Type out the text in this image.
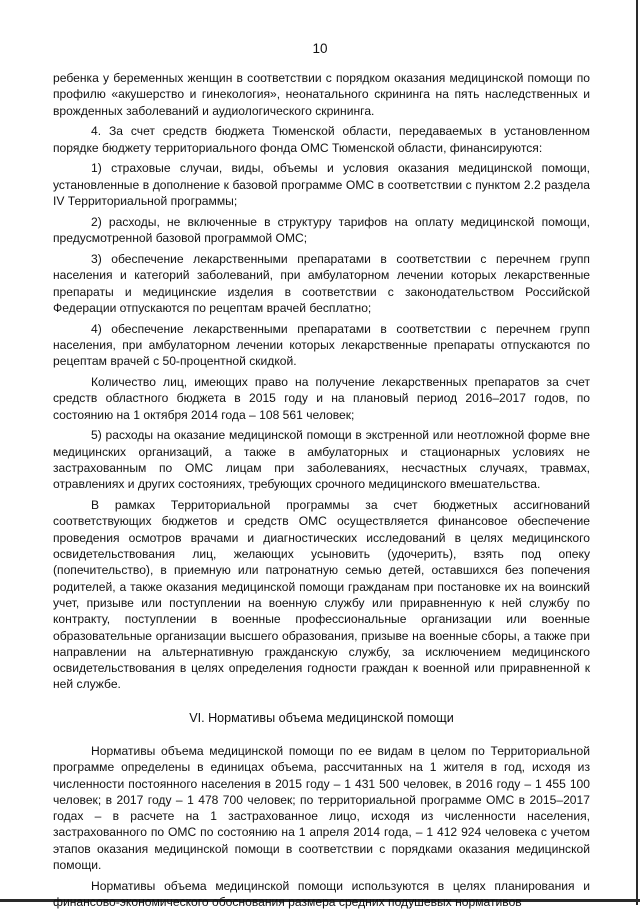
10

ребенка у беременных женщин в соответствии с порядком оказания медицинской помощи по профилю «акушерство и гинекология», неонатального скрининга на пять наследственных и врожденных заболеваний и аудиологического скрининга.

4. За счет средств бюджета Тюменской области, передаваемых в установленном порядке бюджету территориального фонда ОМС Тюменской области, финансируются:

1) страховые случаи, виды, объемы и условия оказания медицинской помощи, установленные в дополнение к базовой программе ОМС в соответствии с пунктом 2.2 раздела IV Территориальной программы;

2) расходы, не включенные в структуру тарифов на оплату медицинской помощи, предусмотренной базовой программой ОМС;

3) обеспечение лекарственными препаратами в соответствии с перечнем групп населения и категорий заболеваний, при амбулаторном лечении которых лекарственные препараты и медицинские изделия в соответствии с законодательством Российской Федерации отпускаются по рецептам врачей бесплатно;

4) обеспечение лекарственными препаратами в соответствии с перечнем групп населения, при амбулаторном лечении которых лекарственные препараты отпускаются по рецептам врачей с 50-процентной скидкой.

Количество лиц, имеющих право на получение лекарственных препаратов за счет средств областного бюджета в 2015 году и на плановый период 2016–2017 годов, по состоянию на 1 октября 2014 года – 108 561 человек;

5) расходы на оказание медицинской помощи в экстренной или неотложной форме вне медицинских организаций, а также в амбулаторных и стационарных условиях не застрахованным по ОМС лицам при заболеваниях, несчастных случаях, травмах, отравлениях и других состояниях, требующих срочного медицинского вмешательства.

В рамках Территориальной программы за счет бюджетных ассигнований соответствующих бюджетов и средств ОМС осуществляется финансовое обеспечение проведения осмотров врачами и диагностических исследований в целях медицинского освидетельствования лиц, желающих усыновить (удочерить), взять под опеку (попечительство), в приемную или патронатную семью детей, оставшихся без попечения родителей, а также оказания медицинской помощи гражданам при постановке их на воинский учет, призыве или поступлении на военную службу или приравненную к ней службу по контракту, поступлении в военные профессиональные организации или военные образовательные организации высшего образования, призыве на военные сборы, а также при направлении на альтернативную гражданскую службу, за исключением медицинского освидетельствования в целях определения годности граждан к военной или приравненной к ней службе.

VI. Нормативы объема медицинской помощи

Нормативы объема медицинской помощи по ее видам в целом по Территориальной программе определены в единицах объема, рассчитанных на 1 жителя в год, исходя из численности постоянного населения в 2015 году – 1 431 500 человек, в 2016 году – 1 455 100 человек; в 2017 году – 1 478 700 человек; по территориальной программе ОМС в 2015–2017 годах – в расчете на 1 застрахованное лицо, исходя из численности населения, застрахованного по ОМС по состоянию на 1 апреля 2014 года, – 1 412 924 человека с учетом этапов оказания медицинской помощи в соответствии с порядками оказания медицинской помощи.

Нормативы объема медицинской помощи используются в целях планирования и финансово-экономического обоснования размера средних подушевых нормативов
